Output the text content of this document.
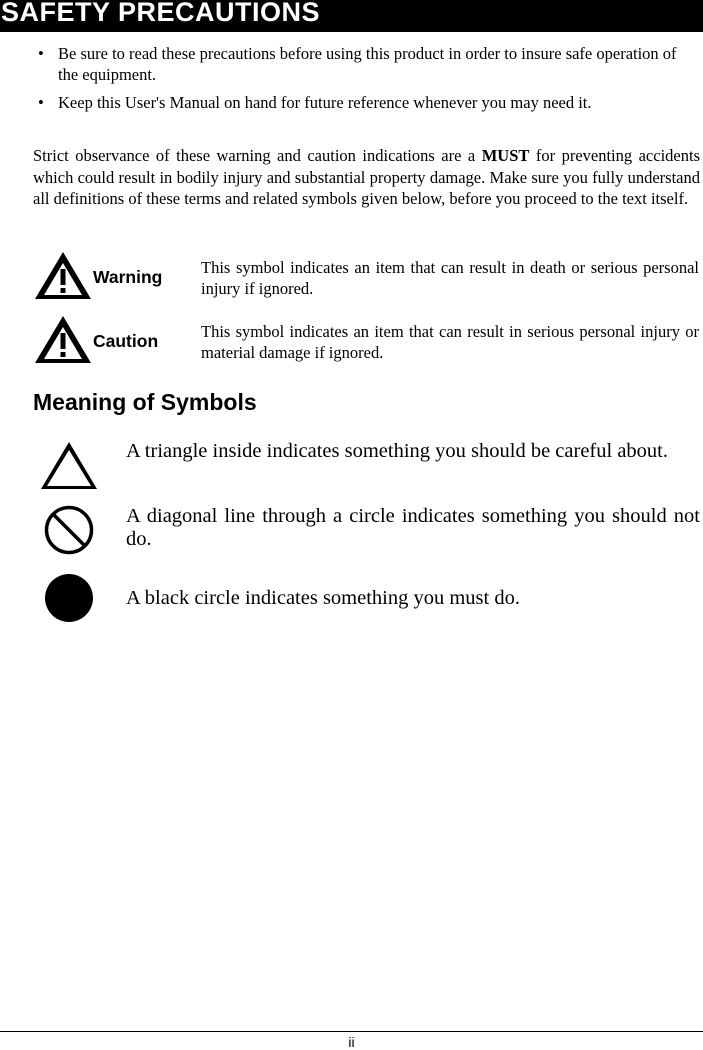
SAFETY PRECAUTIONS
• Be sure to read these precautions before using this product in order to insure safe operation of the equipment.
• Keep this User's Manual on hand for future reference whenever you may need it.

Strict observance of these warning and caution indications are a MUST for preventing accidents which could result in bodily injury and substantial property damage. Make sure you fully understand all definitions of these terms and related symbols given below, before you proceed to the text itself.

Warning This symbol indicates an item that can result in death or serious personal injury if ignored.

Caution	This symbol indicates an item that can result in serious personal injury or material damage if ignored.

Meaning of Symbols

A triangle inside indicates something you should be careful about.

A diagonal line through a circle indicates something you should not do.

A black circle indicates something you must do.

ii
